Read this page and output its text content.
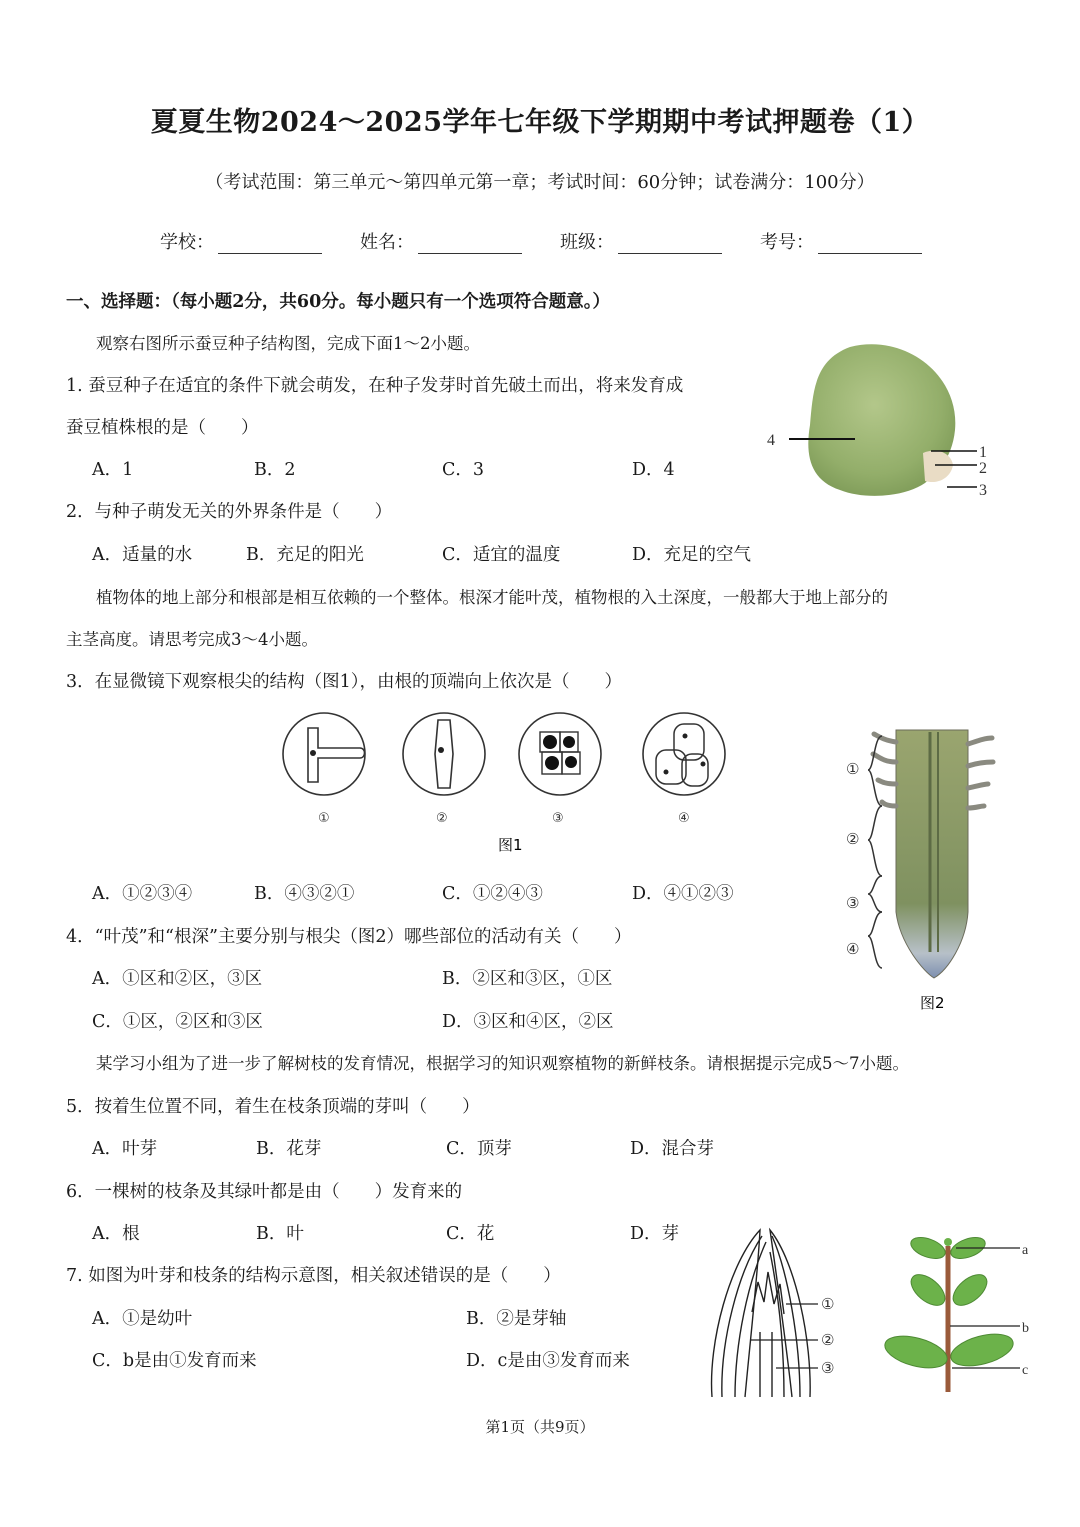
夏夏生物2024～2025学年七年级下学期期中考试押题卷（1）
（考试范围：第三单元～第四单元第一章；考试时间：60分钟；试卷满分：100分）
学校：	姓名：	班级：	考号：
一、选择题：（每小题2分，共60分。每小题只有一个选项符合题意。）
观察右图所示蚕豆种子结构图，完成下面1～2小题。
1. 蚕豆种子在适宜的条件下就会萌发，在种子发芽时首先破土而出，将来发育成
蚕豆植株根的是（　　）
A．1	B．2	C．3	D．4
4
1
2
3
2．与种子萌发无关的外界条件是（　　）
A．适量的水	B．充足的阳光	C．适宜的温度	D．充足的空气
植物体的地上部分和根部是相互依赖的一个整体。根深才能叶茂，植物根的入土深度，一般都大于地上部分的
主茎高度。请思考完成3～4小题。
3．在显微镜下观察根尖的结构（图1），由根的顶端向上依次是（　　）
①	②	③	④
图1
A．①②③④	B．④③②①	C．①②④③	D．④①②③
①
②
③
④
图2
4．“叶茂”和“根深”主要分别与根尖（图2）哪些部位的活动有关（　　）
A．①区和②区，③区	B．②区和③区，①区
C．①区，②区和③区	D．③区和④区，②区
某学习小组为了进一步了解树枝的发育情况，根据学习的知识观察植物的新鲜枝条。请根据提示完成5～7小题。
5．按着生位置不同，着生在枝条顶端的芽叫（　　）
A．叶芽	B．花芽	C．顶芽	D．混合芽
6．一棵树的枝条及其绿叶都是由（　　）发育来的
A．根	B．叶	C．花	D．芽
7. 如图为叶芽和枝条的结构示意图，相关叙述错误的是（　　）
A．①是幼叶	B．②是芽轴
C．b是由①发育而来	D．c是由③发育而来
①
②
③
a
b
c
第1页（共9页）
